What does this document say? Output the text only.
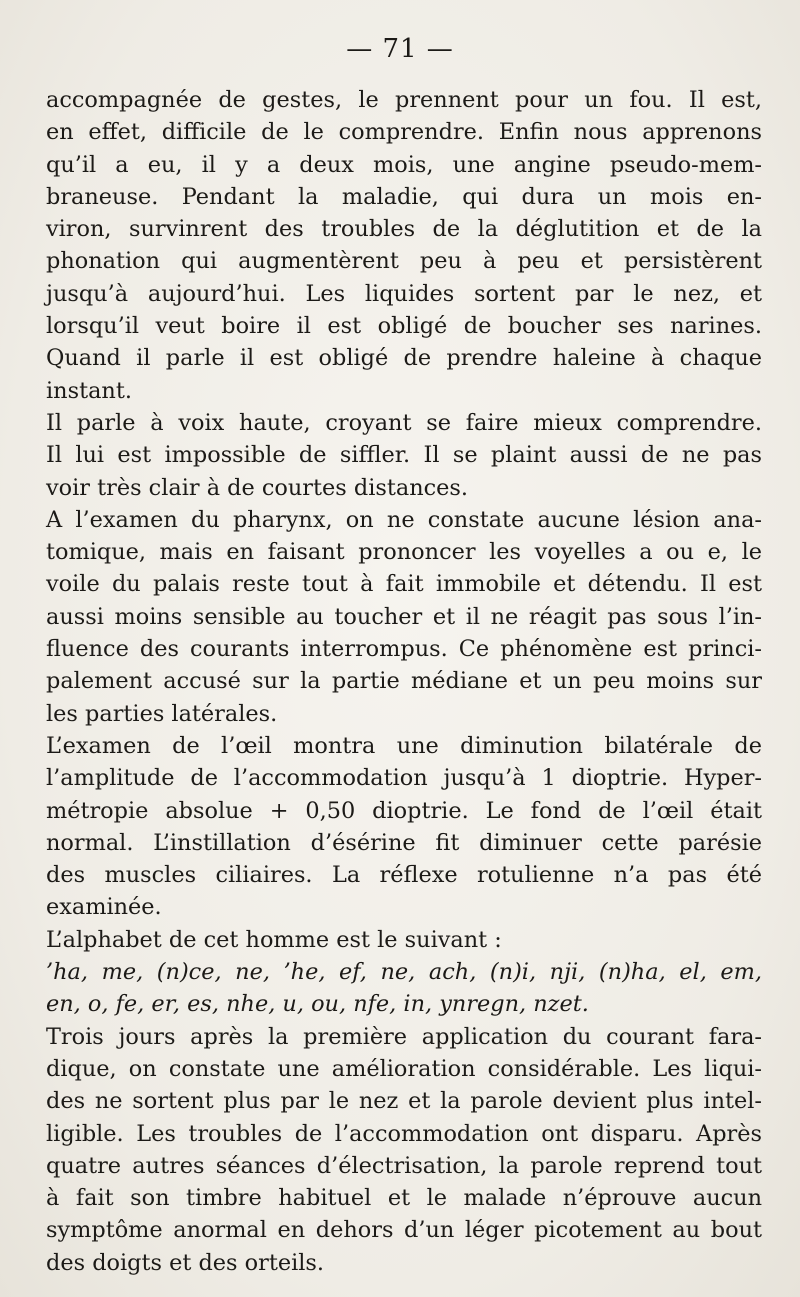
— 71 —
accompagnée de gestes, le prennent pour un fou. Il est,
en effet, difficile de le comprendre. Enfin nous apprenons
qu’il a eu, il y a deux mois, une angine pseudo-mem-
braneuse. Pendant la maladie, qui dura un mois en-
viron, survinrent des troubles de la déglutition et de la
phonation qui augmentèrent peu à peu et persistèrent
jusqu’à aujourd’hui. Les liquides sortent par le nez, et
lorsqu’il veut boire il est obligé de boucher ses narines.
Quand il parle il est obligé de prendre haleine à chaque
instant.
Il parle à voix haute, croyant se faire mieux comprendre.
Il lui est impossible de siffler. Il se plaint aussi de ne pas
voir très clair à de courtes distances.
A l’examen du pharynx, on ne constate aucune lésion ana-
tomique, mais en faisant prononcer les voyelles a ou e, le
voile du palais reste tout à fait immobile et détendu. Il est
aussi moins sensible au toucher et il ne réagit pas sous l’in-
fluence des courants interrompus. Ce phénomène est princi-
palement accusé sur la partie médiane et un peu moins sur
les parties latérales.
L’examen de l’œil montra une diminution bilatérale de
l’amplitude de l’accommodation jusqu’à 1 dioptrie. Hyper-
métropie absolue + 0,50 dioptrie. Le fond de l’œil était
normal. L’instillation d’ésérine fit diminuer cette parésie
des muscles ciliaires. La réflexe rotulienne n’a pas été
examinée.
L’alphabet de cet homme est le suivant :
’ha, me, (n)ce, ne, ’he, ef, ne, ach, (n)i, nji, (n)ha, el, em,
en, o, fe, er, es, nhe, u, ou, nfe, in, ynregn, nzet.
Trois jours après la première application du courant fara-
dique, on constate une amélioration considérable. Les liqui-
des ne sortent plus par le nez et la parole devient plus intel-
ligible. Les troubles de l’accommodation ont disparu. Après
quatre autres séances d’électrisation, la parole reprend tout
à fait son timbre habituel et le malade n’éprouve aucun
symptôme anormal en dehors d’un léger picotement au bout
des doigts et des orteils.
